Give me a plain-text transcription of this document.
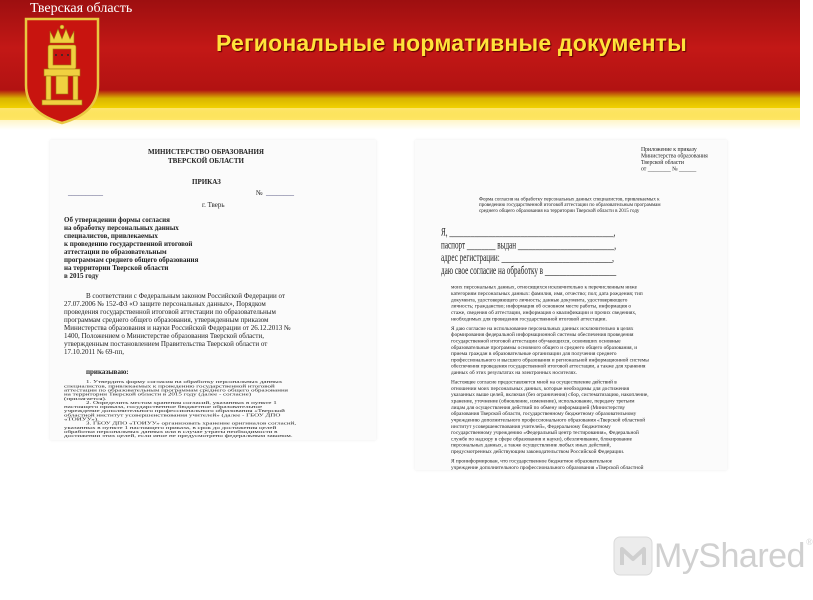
Тверская область
Региональные нормативные документы
МИНИСТЕРСТВО ОБРАЗОВАНИЯ
ТВЕРСКОЙ ОБЛАСТИ
ПРИКАЗ
__________
г. Тверь
№ ________
Об утверждении формы согласия
на обработку персональных данных
специалистов, привлекаемых
к проведению государственной итоговой
аттестации по образовательным
программам среднего общего образования
на территории Тверской области
в 2015 году
В соответствии с Федеральным законом Российской Федерации от
27.07.2006 № 152-ФЗ «О защите персональных данных», Порядком
проведения государственной итоговой аттестации по образовательным
программам среднего общего образования, утвержденным приказом
Министерства образования и науки Российской Федерации от 26.12.2013 №
1400, Положением о Министерстве образования Тверской области,
утвержденным постановлением Правительства Тверской области от
17.10.2011 № 69-пп,
приказываю:
1. Утвердить форму согласия на обработку персональных данных
специалистов, привлекаемых к проведению государственной итоговой
аттестации по образовательным программам среднего общего образования
на территории Тверской области в 2015 году (далее - согласие)
(прилагается).
2. Определить местом хранения согласий, указанных в пункте 1
настоящего приказа, государственное бюджетное образовательное
учреждение дополнительного профессионального образования «Тверской
областной институт усовершенствования учителей» (далее - ГБОУ ДПО
«ТОИУУ»).
3. ГБОУ ДПО «ТОИУУ» организовать хранение оригиналов согласий,
указанных в пункте 1 настоящего приказа, в срок до достижения целей
обработки персональных данных или в случае утраты необходимости в
достижении этих целей, если иное не предусмотрено федеральным законом.
Приложение к приказу
Министерства образования
Тверской области
от ________ № ______
Форма согласия на обработку персональных данных специалистов, привлекаемых к
проведению государственной итоговой аттестации по образовательным программам
среднего общего образования на территории Тверской области в 2015 году
Я, ______________________________________________,
паспорт ________ выдан ___________________________,
адрес регистрации: _______________________________,
даю свое согласие на обработку в ____________________
моих персональных данных, относящихся исключительно к перечисленным ниже
категориям персональных данных: фамилия, имя, отчество; пол; дата рождения; тип
документа, удостоверяющего личность; данные документа, удостоверяющего
личность; гражданство; информация об основном месте работы, информация о
стаже, сведения об аттестации, информация о квалификации и прочих сведениях,
необходимых для проведения государственной итоговой аттестации.
Я даю согласие на использование персональных данных исключительно в целях
формирования федеральной информационной системы обеспечения проведения
государственной итоговой аттестации обучающихся, освоивших основные
образовательные программы основного общего и среднего общего образования, и
приема граждан в образовательные организации для получения среднего
профессионального и высшего образования и региональной информационной системы
обеспечения проведения государственной итоговой аттестации, а также для хранения
данных об этих результатах на электронных носителях.
Настоящее согласие предоставляется мной на осуществление действий в
отношении моих персональных данных, которые необходимы для достижения
указанных выше целей, включая (без ограничения) сбор, систематизацию, накопление,
хранение, уточнение (обновление, изменение), использование, передачу третьим
лицам для осуществления действий по обмену информацией (Министерству
образования Тверской области, государственному бюджетному образовательному
учреждению дополнительного профессионального образования «Тверской областной
институт усовершенствования учителей», Федеральному бюджетному
государственному учреждению «Федеральный центр тестирования», Федеральной
службе по надзору в сфере образования и науки), обезличивание, блокирование
персональных данных, а также осуществление любых иных действий,
предусмотренных действующим законодательством Российской Федерации.
Я проинформирован, что государственное бюджетное образовательное
учреждение дополнительного профессионального образования «Тверской областной
MyShared ®
